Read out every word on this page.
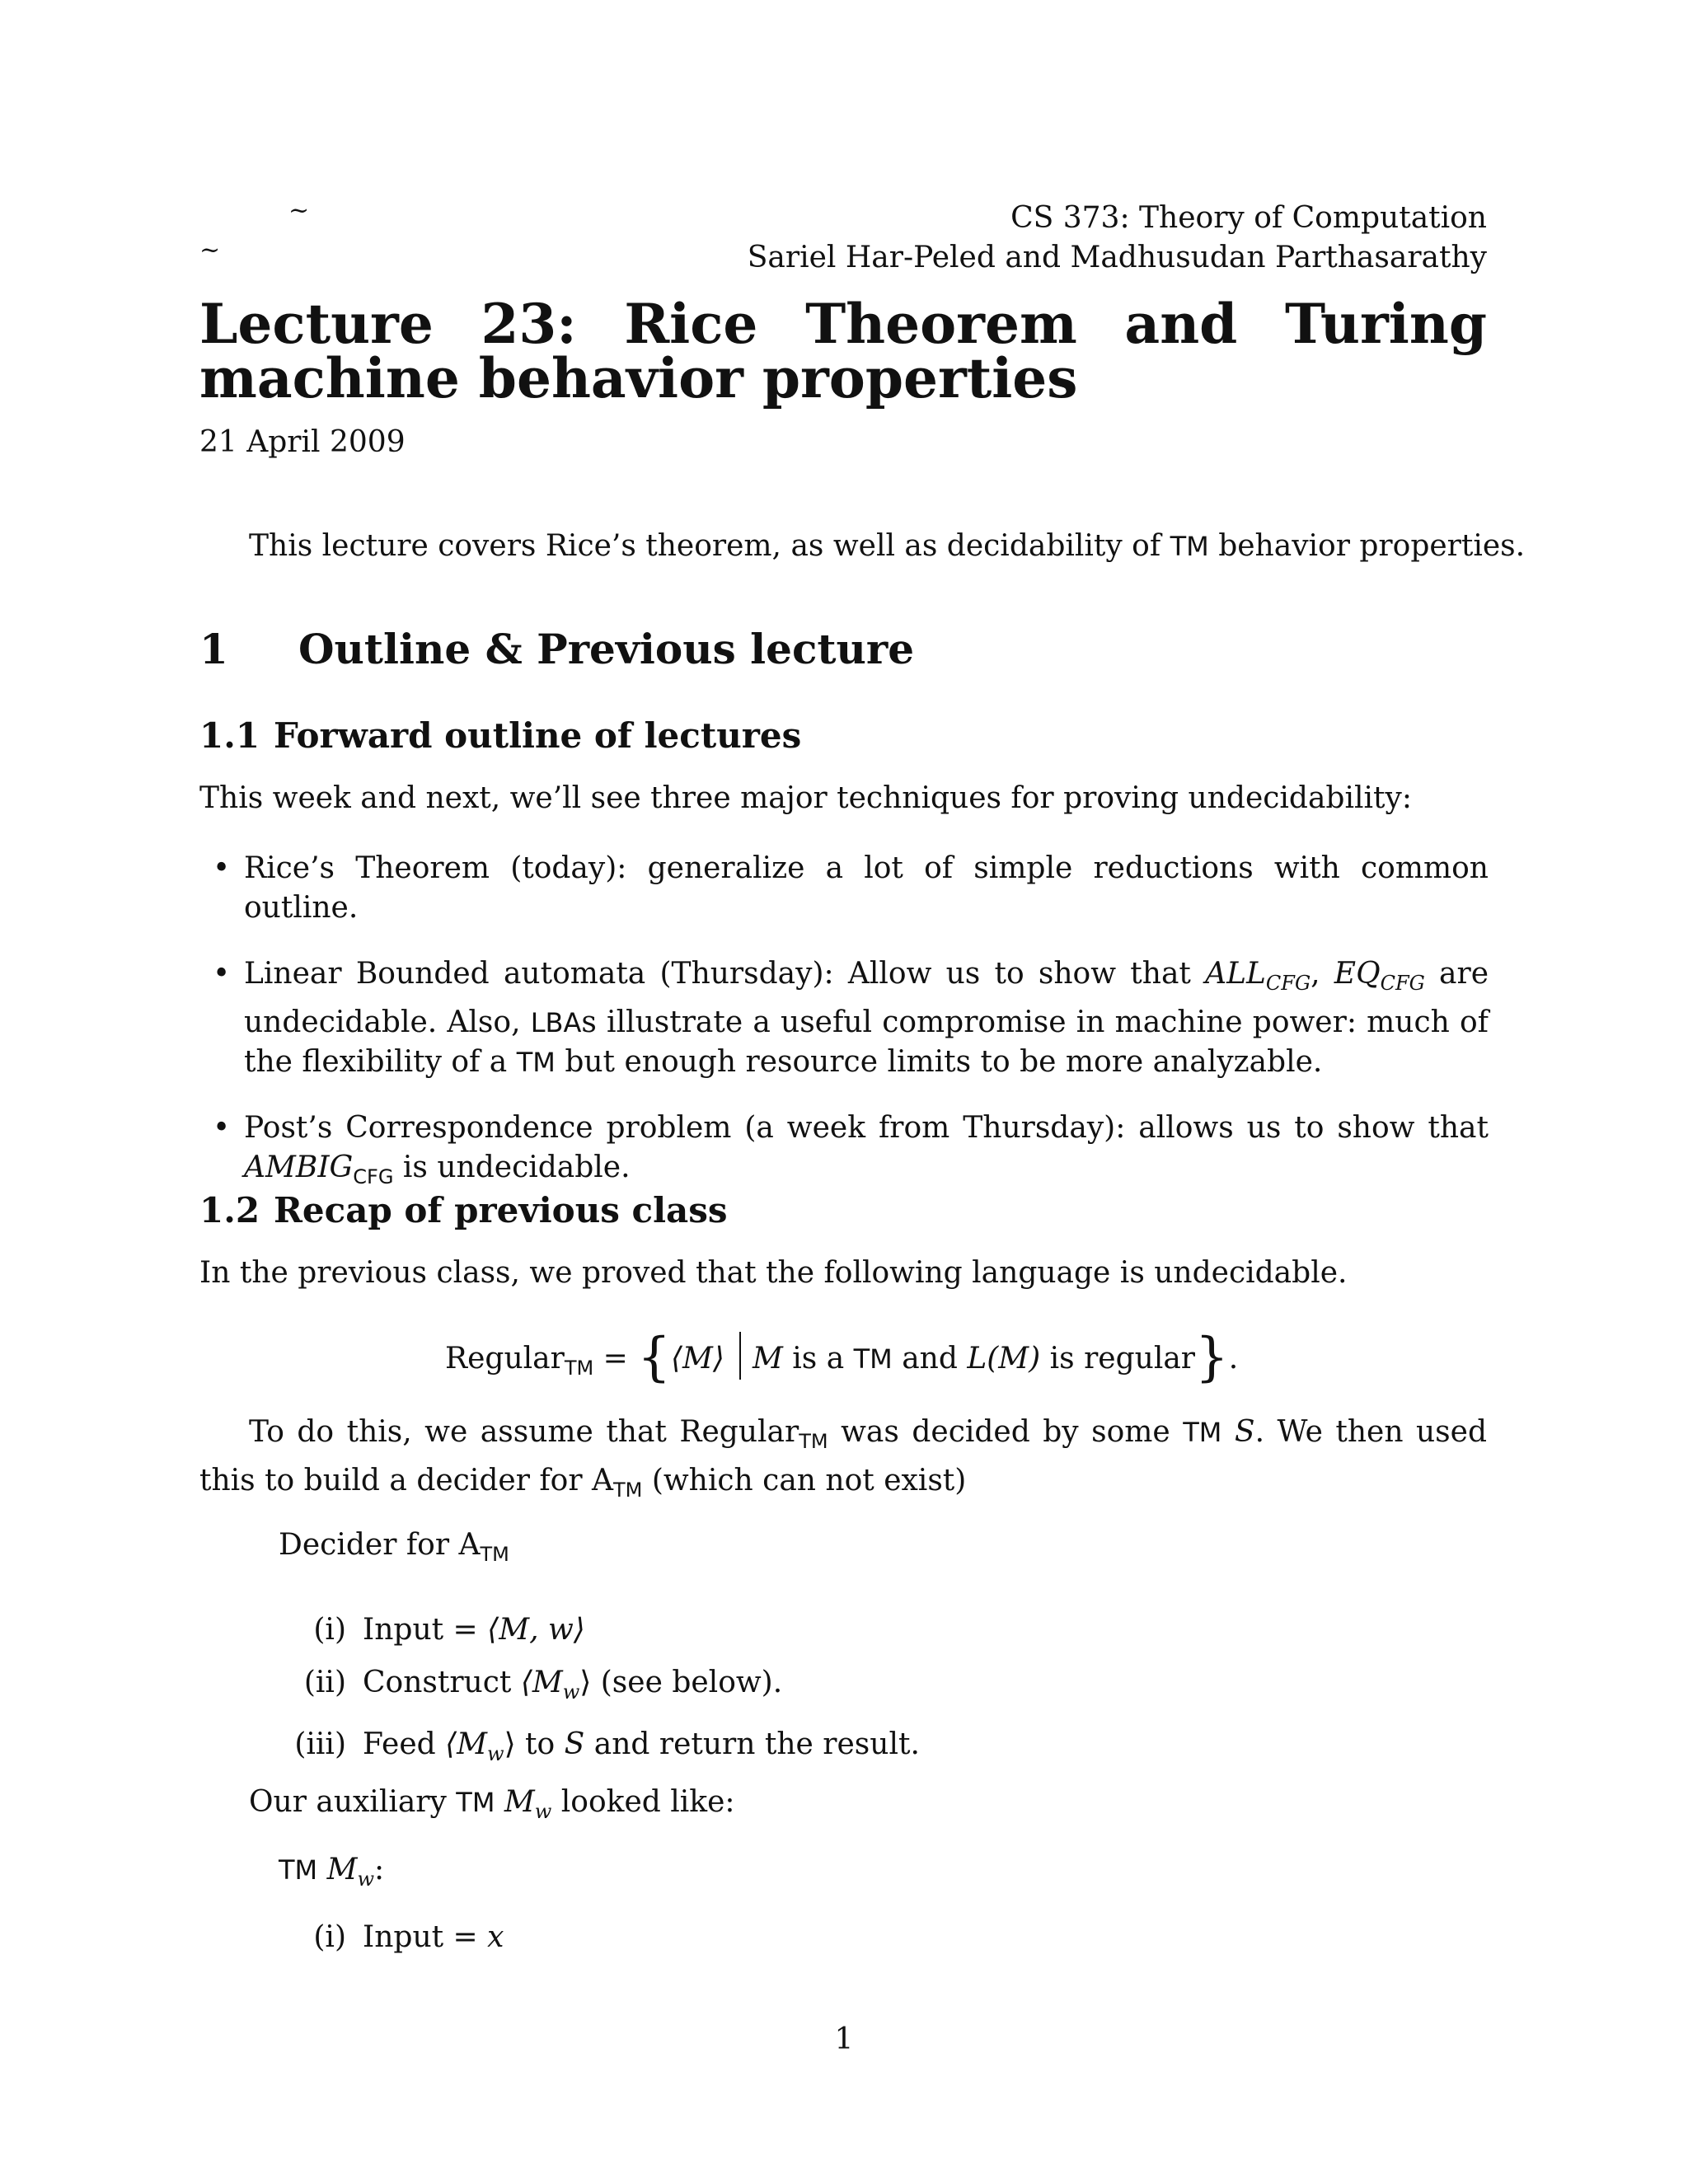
~
~
CS 373: Theory of Computation
Sariel Har-Peled and Madhusudan Parthasarathy
Lecture 23: Rice Theorem and Turing machine behavior properties
21 April 2009
This lecture covers Rice’s theorem, as well as decidability of TM behavior properties.
1 Outline & Previous lecture
1.1 Forward outline of lectures
This week and next, we’ll see three major techniques for proving undecidability:
• Rice’s Theorem (today): generalize a lot of simple reductions with common outline.
• Linear Bounded automata (Thursday): Allow us to show that $ALL_{CFG}$, $EQ_{CFG}$ are undecidable. Also, LBAs illustrate a useful compromise in machine power: much of the flexibility of a TM but enough resource limits to be more analyzable.
• Post’s Correspondence problem (a week from Thursday): allows us to show that $AMBIG_{CFG}$ is undecidable.
1.2 Recap of previous class
In the previous class, we proved that the following language is undecidable.
Regular$_{TM}$ = {⟨M⟩ M is a TM and L(M) is regular}.
To do this, we assume that Regular$_{TM}$ was decided by some TM S. We then used this to build a decider for $A_{TM}$ (which can not exist)
Decider for $A_{TM}$
(i) Input = ⟨M, w⟩
(ii) Construct $⟨M_w⟩$ (see below).
(iii) Feed $⟨M_w⟩$ to S and return the result.
Our auxiliary TM $M_w$ looked like:
TM $M_w$:
(i) Input = x
1
